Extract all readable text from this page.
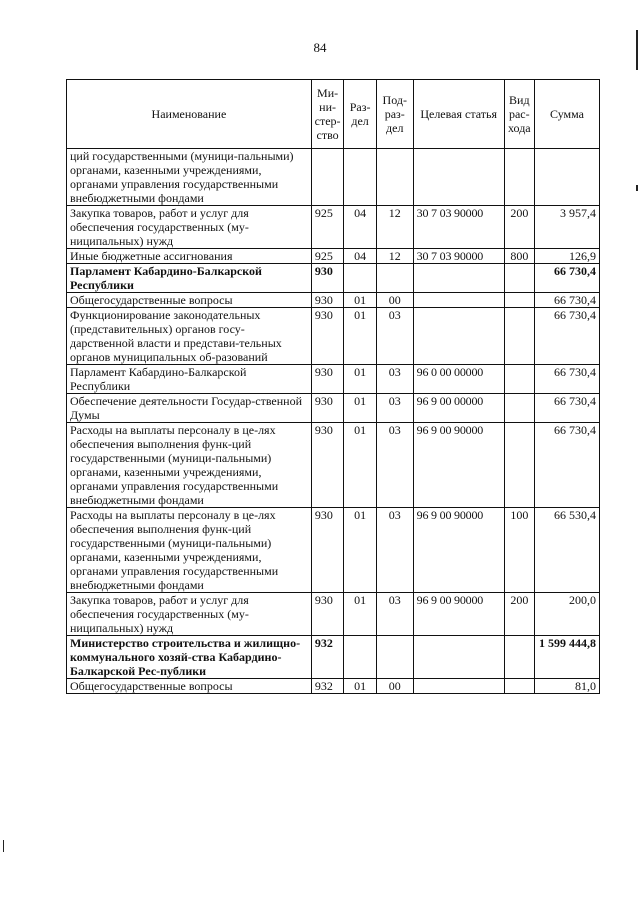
84
Наименование	Ми-ни-стер-ство	Раз-дел	Под-раз-дел	Целевая статья	Вид рас-хода	Сумма
ций государственными (муници-пальными) органами, казенными учреждениями, органами управления государственными внебюджетными фондами						
Закупка товаров, работ и услуг для обеспечения государственных (му-ниципальных) нужд	925	04	12	30 7 03 90000	200	3 957,4
Иные бюджетные ассигнования	925	04	12	30 7 03 90000	800	126,9
Парламент Кабардино-Балкарской Республики	930					66 730,4
Общегосударственные вопросы	930	01	00			66 730,4
Функционирование законодательных (представительных) органов госу-дарственной власти и представи-тельных органов муниципальных об-разований	930	01	03			66 730,4
Парламент Кабардино-Балкарской Республики	930	01	03	96 0 00 00000		66 730,4
Обеспечение деятельности Государ-ственной Думы	930	01	03	96 9 00 00000		66 730,4
Расходы на выплаты персоналу в це-лях обеспечения выполнения функ-ций государственными (муници-пальными) органами, казенными учреждениями, органами управления государственными внебюджетными фондами	930	01	03	96 9 00 90000		66 730,4
Расходы на выплаты персоналу в це-лях обеспечения выполнения функ-ций государственными (муници-пальными) органами, казенными учреждениями, органами управления государственными внебюджетными фондами	930	01	03	96 9 00 90000	100	66 530,4
Закупка товаров, работ и услуг для обеспечения государственных (му-ниципальных) нужд	930	01	03	96 9 00 90000	200	200,0
Министерство строительства и жилищно-коммунального хозяй-ства Кабардино-Балкарской Рес-публики	932					1 599 444,8
Общегосударственные вопросы	932	01	00			81,0
